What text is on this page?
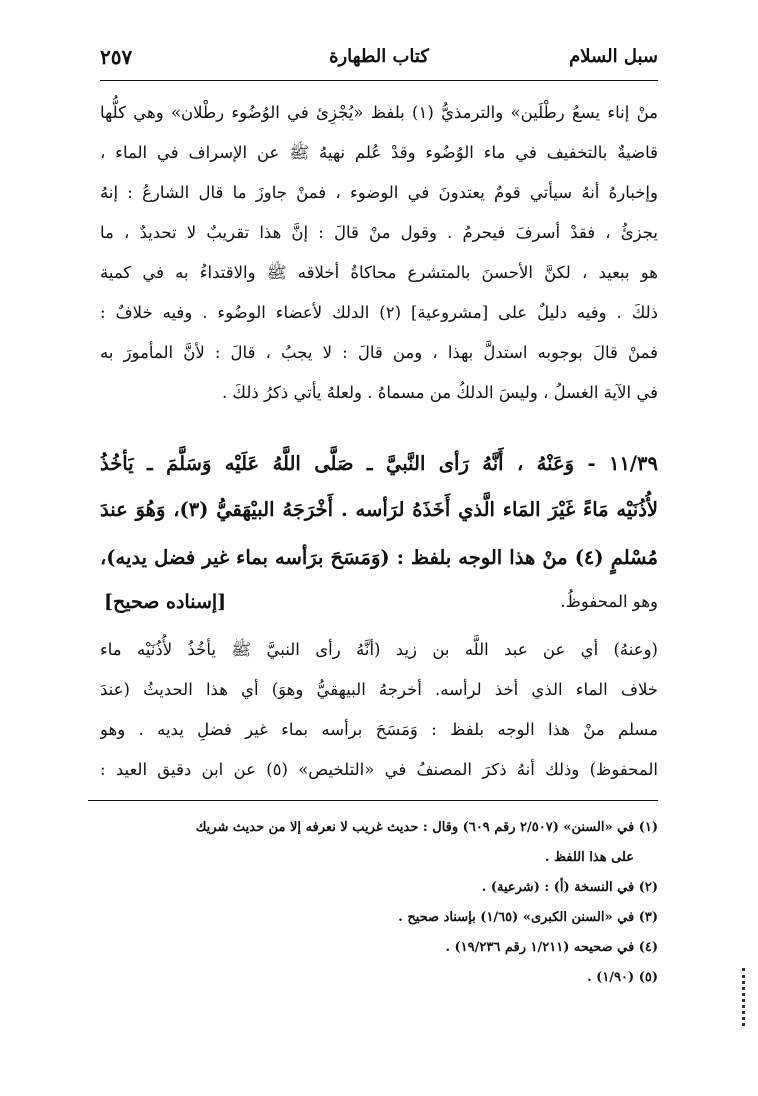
سبل السلام
كتاب الطهارة
٢٥٧
منْ إناء يسعُ رطْلَين» والترمذيُّ (١) بلفظ «يُجْزِئ في الوُضُوء رطْلان» وهي كلُّها
قاضيةٌ بالتخفيف في ماء الوُضُوء وقدْ عُلم نهيهُ ﷺ عن الإسراف في الماء ،
وإخبارهُ أنهُ سيأتي قومٌ يعتدونَ في الوضوء ، فمنْ جاوزَ ما قال الشارعُ : إنهُ
يجزئُ ، فقدْ أسرفَ فيحرمُ . وقول منْ قالَ : إنَّ هذا تقريبٌ لا تحديدٌ ، ما
هو ببعيد ، لكنَّ الأحسنَ بالمتشرع محاكاةُ أخلاقه ﷺ والاقتداءُ به في كمية
ذلكَ . وفيه دليلٌ على [مشروعية] (٢) الدلك لأعضاء الوضُوء . وفيه خلافٌ :
فمنْ قالَ بوجوبه استدلَّ بهذا ، ومن قالَ : لا يجبُ ، قالَ : لأنَّ المأمورَ به
في الآية الغسلُ ، وليسَ الدلكُ من مسماهُ . ولعلهُ يأتي ذكرُ ذلكَ .
١١/٣٩ - وَعَنْهُ ، أَنَّهُ رَأى النَّبيَّ ـ صَلَّى اللَّهُ عَلَيْه وَسَلَّمَ ـ يَأخُذُ
لأُذُنَيْه مَاءً غَيْرَ المَاء الَّذي أَخَذَهُ لرَأسه . أَخْرَجَهُ البيْهَقيُّ (٣)، وَهُوَ عندَ
مُسْلمٍ (٤) منْ هذا الوجه بلفظ : (وَمَسَحَ برَأسه بماء غير فضل يديه)،
وهو المحفوظُ.
[إسناده صحيح]
(وعنهُ) أي عن عبد اللَّه بن زيد (أنَّهُ رأى النبيَّ ﷺ يأخُذُ لأُذُنَيْه ماء
خلاف الماء الذي أخذ لرأسه. أخرجهُ البيهقيُّ وهوَ) أي هذا الحديثُ (عندَ
مسلم منْ هذا الوجه بلفظ : وَمَسَحَ برأسه بماء غير فضلِ يديه . وهو
المحفوظ) وذلك أنهُ ذكرَ المصنفُ في «التلخيص» (٥) عن ابن دقيق العيد :
(١) في «السنن» (٢/٥٠٧ رقم ٦٠٩) وقال : حديث غريب لا نعرفه إلا من حديث شريك
على هذا اللفظ .
(٢) في النسخة (أ) : (شرعية) .
(٣) في «السنن الكبرى» (١/٦٥) بإسناد صحيح .
(٤) في صحيحه (١/٢١١ رقم ١٩/٢٣٦) .
(٥) (١/٩٠) .
